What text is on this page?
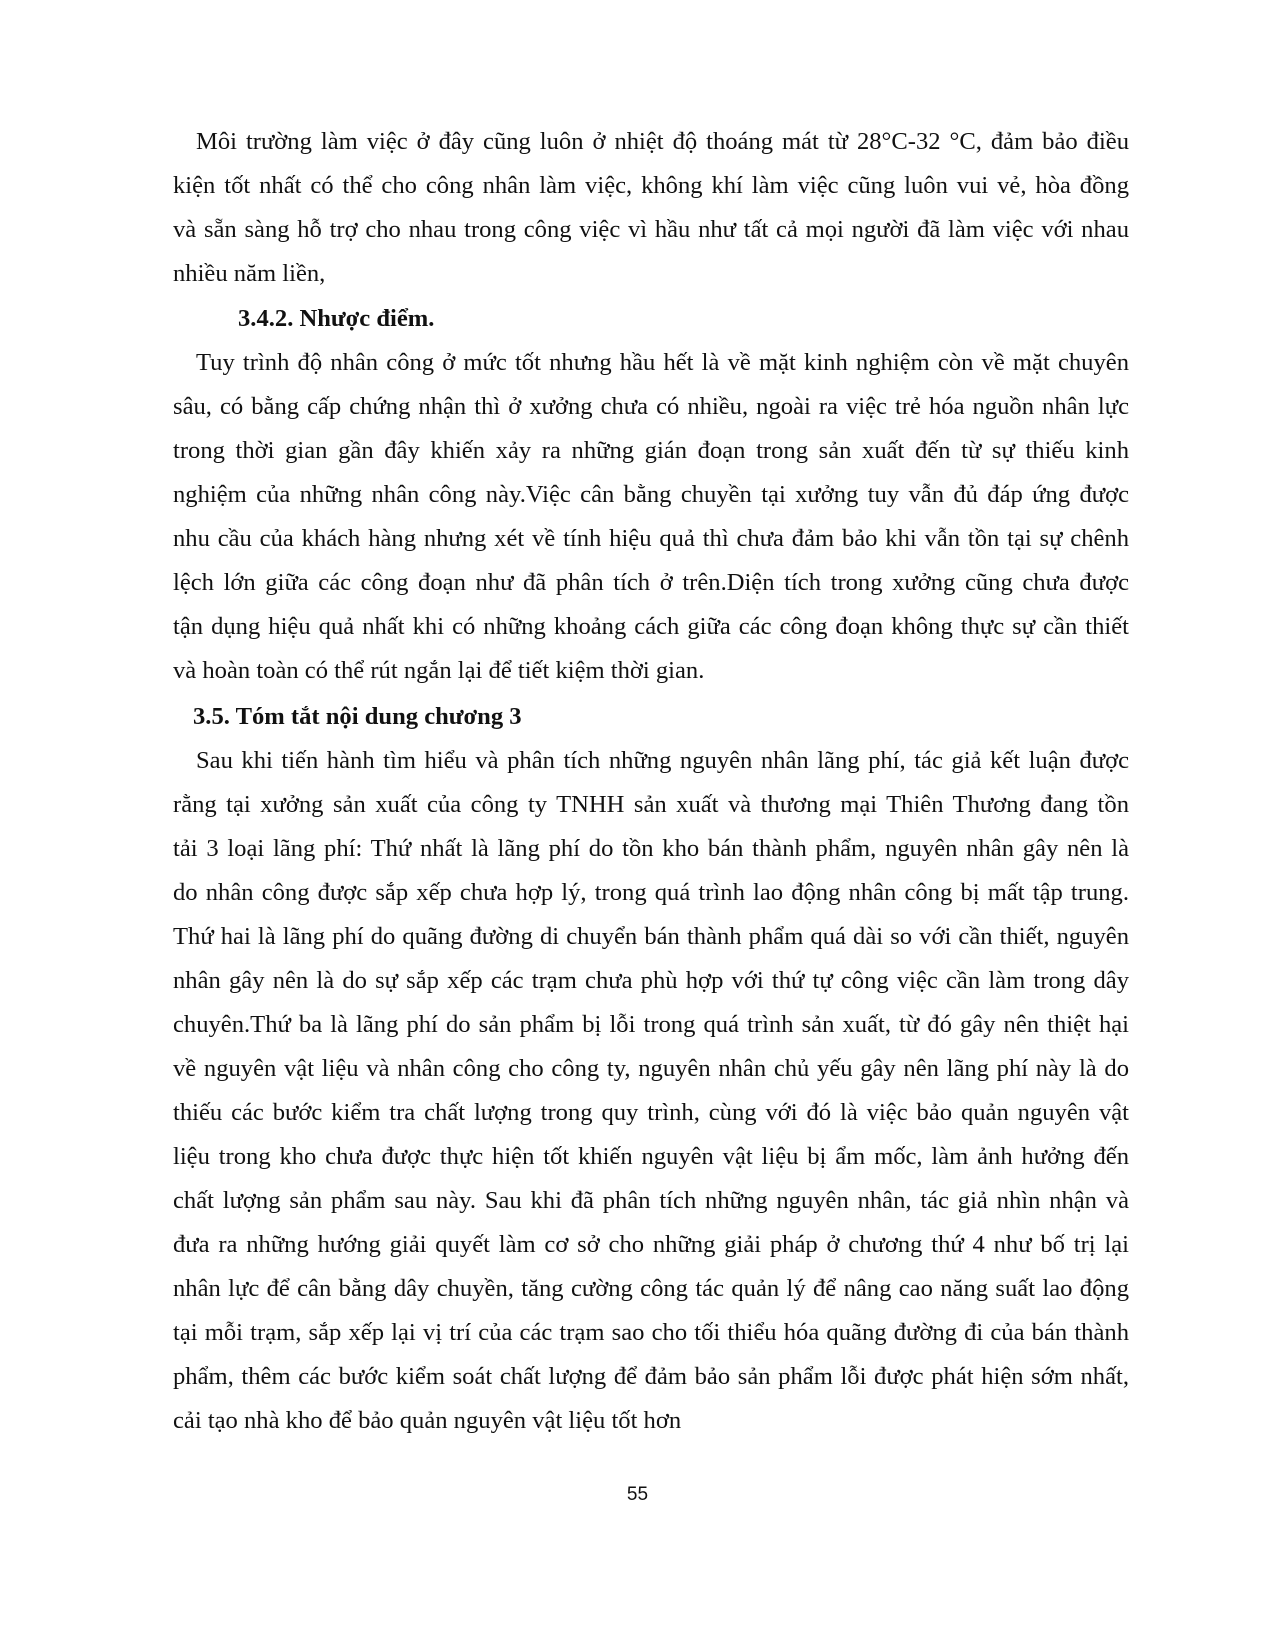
Môi trường làm việc ở đây cũng luôn ở nhiệt độ thoáng mát từ 28°C-32 °C, đảm bảo điều
kiện tốt nhất có thể cho công nhân làm việc, không khí làm việc cũng luôn vui vẻ, hòa đồng
và sẵn sàng hỗ trợ cho nhau trong công việc vì hầu như tất cả mọi người đã làm việc với nhau
nhiều năm liền,
3.4.2. Nhược điểm.
Tuy trình độ nhân công ở mức tốt nhưng hầu hết là về mặt kinh nghiệm còn về mặt chuyên
sâu, có bằng cấp chứng nhận thì ở xưởng chưa có nhiều, ngoài ra việc trẻ hóa nguồn nhân lực
trong thời gian gần đây khiến xảy ra những gián đoạn trong sản xuất đến từ sự thiếu kinh
nghiệm của những nhân công này.Việc cân bằng chuyền tại xưởng tuy vẫn đủ đáp ứng được
nhu cầu của khách hàng nhưng xét về tính hiệu quả thì chưa đảm bảo khi vẫn tồn tại sự chênh
lệch lớn giữa các công đoạn như đã phân tích ở trên.Diện tích trong xưởng cũng chưa được
tận dụng hiệu quả nhất khi có những khoảng cách giữa các công đoạn không thực sự cần thiết
và hoàn toàn có thể rút ngắn lại để tiết kiệm thời gian.
3.5. Tóm tắt nội dung chương 3
Sau khi tiến hành tìm hiểu và phân tích những nguyên nhân lãng phí, tác giả kết luận được
rằng tại xưởng sản xuất của công ty TNHH sản xuất và thương mại Thiên Thương đang tồn
tải 3 loại lãng phí: Thứ nhất là lãng phí do tồn kho bán thành phẩm, nguyên nhân gây nên là
do nhân công được sắp xếp chưa hợp lý, trong quá trình lao động nhân công bị mất tập trung.
Thứ hai là lãng phí do quãng đường di chuyển bán thành phẩm quá dài so với cần thiết, nguyên
nhân gây nên là do sự sắp xếp các trạm chưa phù hợp với thứ tự công việc cần làm trong dây
chuyên.Thứ ba là lãng phí do sản phẩm bị lỗi trong quá trình sản xuất, từ đó gây nên thiệt hại
về nguyên vật liệu và nhân công cho công ty, nguyên nhân chủ yếu gây nên lãng phí này là do
thiếu các bước kiểm tra chất lượng trong quy trình, cùng với đó là việc bảo quản nguyên vật
liệu trong kho chưa được thực hiện tốt khiến nguyên vật liệu bị ẩm mốc, làm ảnh hưởng đến
chất lượng sản phẩm sau này. Sau khi đã phân tích những nguyên nhân, tác giả nhìn nhận và
đưa ra những hướng giải quyết làm cơ sở cho những giải pháp ở chương thứ 4 như bố trị lại
nhân lực để cân bằng dây chuyền, tăng cường công tác quản lý để nâng cao năng suất lao động
tại mỗi trạm, sắp xếp lại vị trí của các trạm sao cho tối thiểu hóa quãng đường đi của bán thành
phẩm, thêm các bước kiểm soát chất lượng để đảm bảo sản phẩm lỗi được phát hiện sớm nhất,
cải tạo nhà kho để bảo quản nguyên vật liệu tốt hơn
55
